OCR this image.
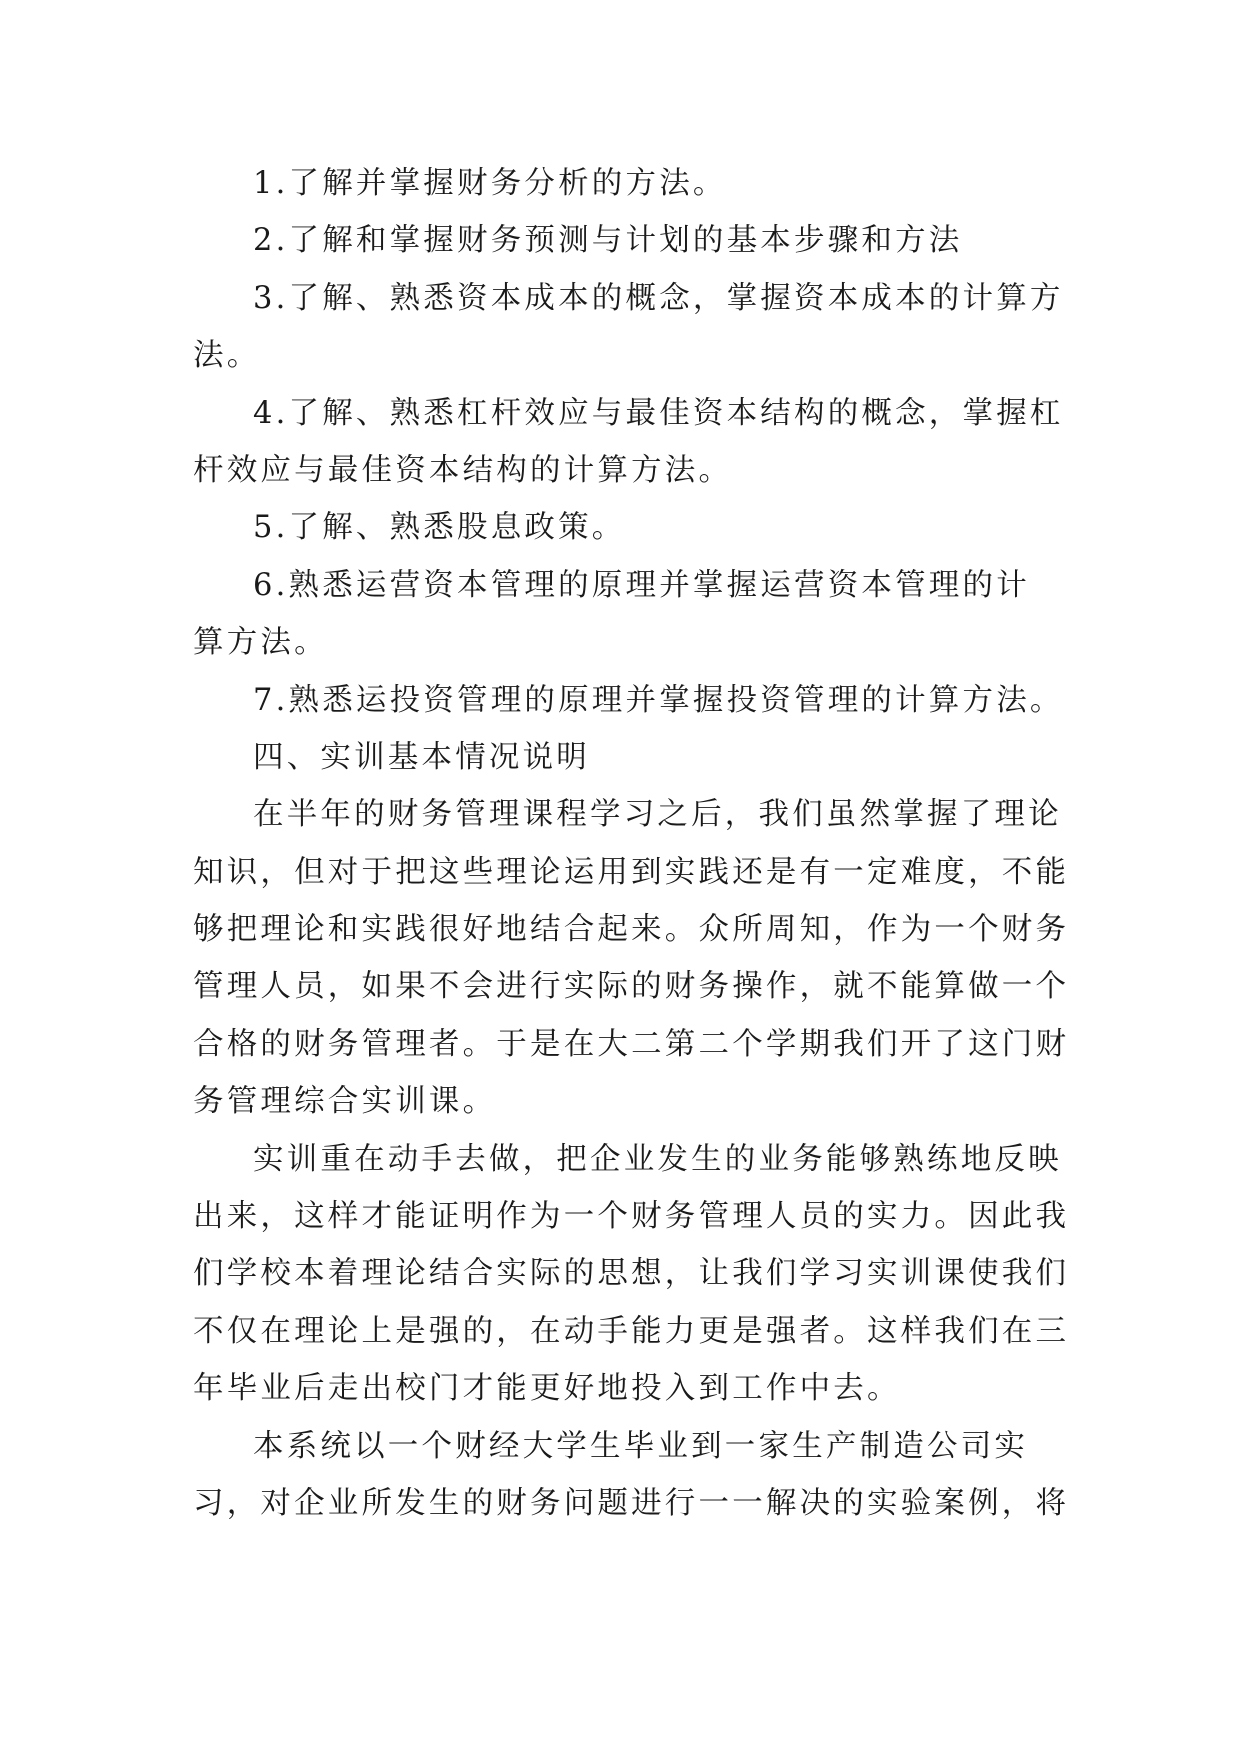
1.了解并掌握财务分析的方法。
2.了解和掌握财务预测与计划的基本步骤和方法
3.了解、熟悉资本成本的概念，掌握资本成本的计算方
法。
4.了解、熟悉杠杆效应与最佳资本结构的概念，掌握杠
杆效应与最佳资本结构的计算方法。
5.了解、熟悉股息政策。
6.熟悉运营资本管理的原理并掌握运营资本管理的计
算方法。
7.熟悉运投资管理的原理并掌握投资管理的计算方法。
四、实训基本情况说明
在半年的财务管理课程学习之后，我们虽然掌握了理论
知识，但对于把这些理论运用到实践还是有一定难度，不能
够把理论和实践很好地结合起来。众所周知，作为一个财务
管理人员，如果不会进行实际的财务操作，就不能算做一个
合格的财务管理者。于是在大二第二个学期我们开了这门财
务管理综合实训课。
实训重在动手去做，把企业发生的业务能够熟练地反映
出来，这样才能证明作为一个财务管理人员的实力。因此我
们学校本着理论结合实际的思想，让我们学习实训课使我们
不仅在理论上是强的，在动手能力更是强者。这样我们在三
年毕业后走出校门才能更好地投入到工作中去。
本系统以一个财经大学生毕业到一家生产制造公司实
习，对企业所发生的财务问题进行一一解决的实验案例，将
